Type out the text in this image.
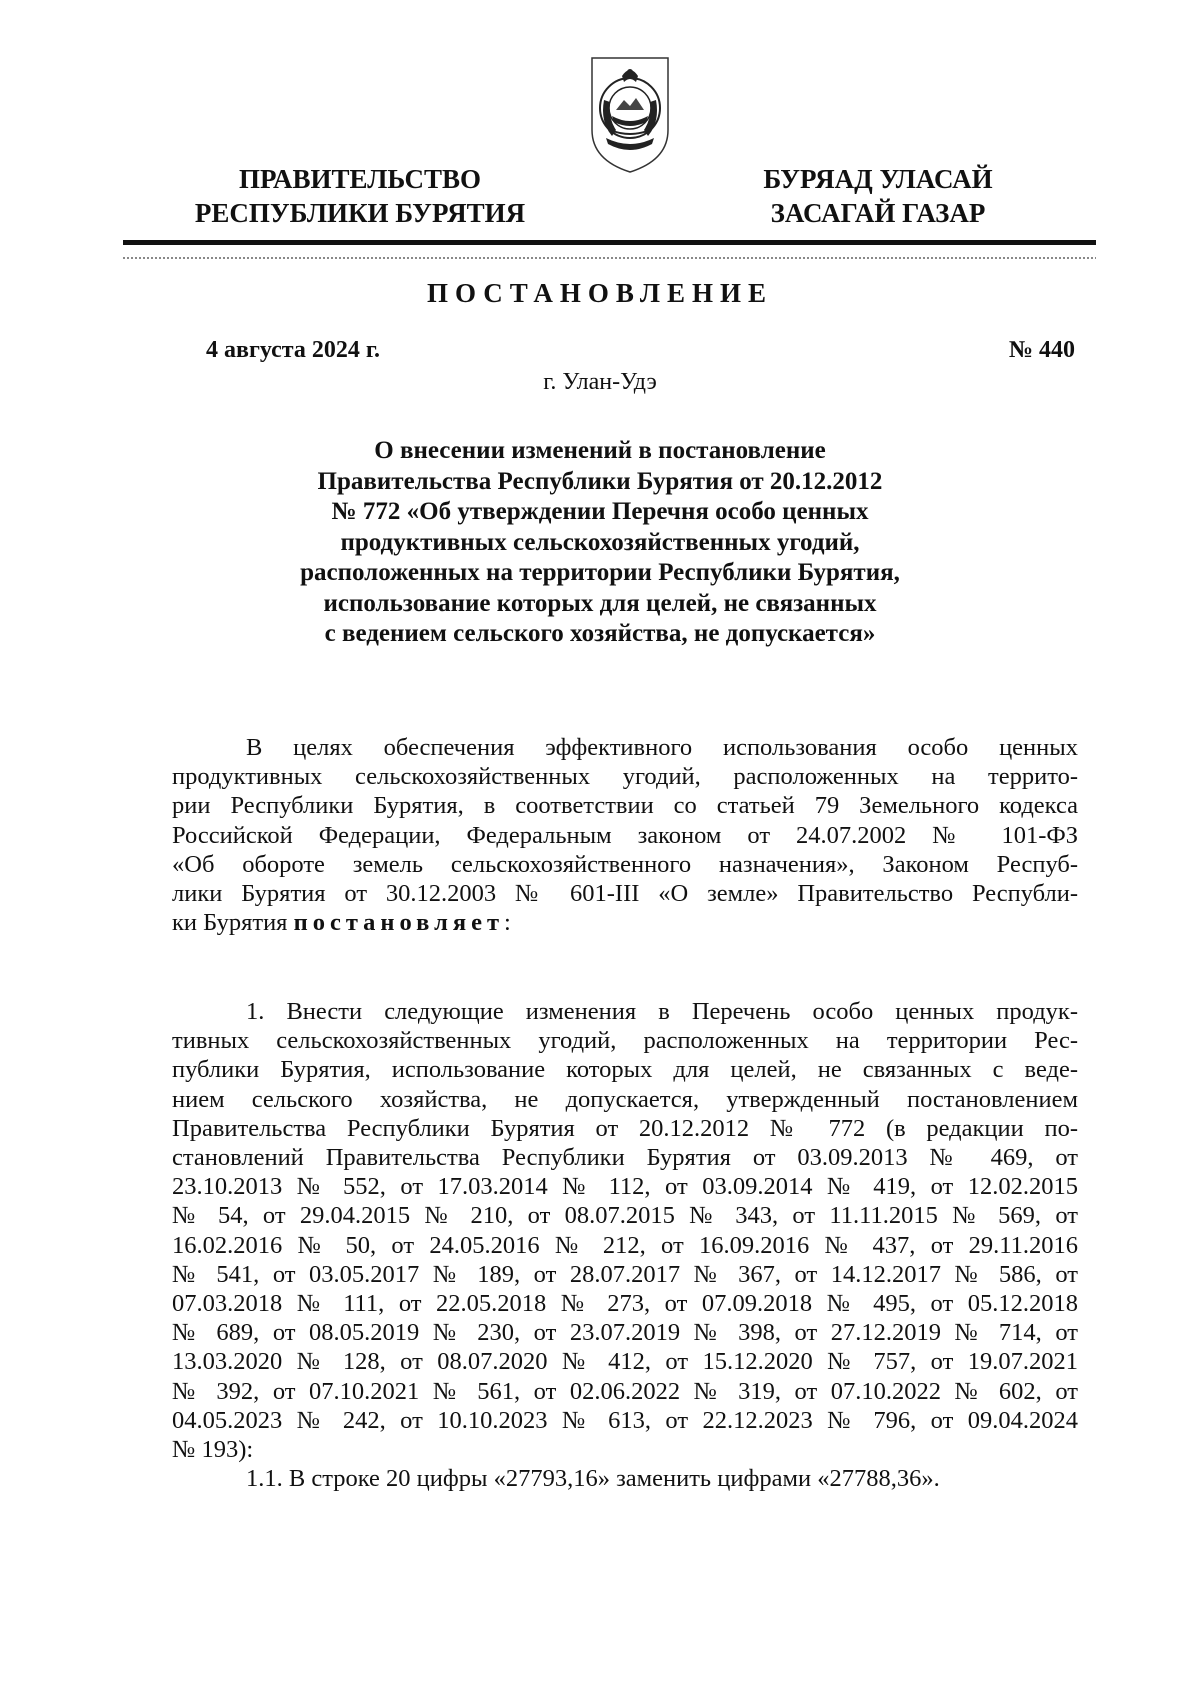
ПРАВИТЕЛЬСТВО
РЕСПУБЛИКИ БУРЯТИЯ
БУРЯАД УЛАСАЙ
ЗАСАГАЙ ГАЗАР
ПОСТАНОВЛЕНИЕ
4 августа 2024 г.	№ 440
г. Улан-Удэ
О внесении изменений в постановление
Правительства Республики Бурятия от 20.12.2012
№ 772 «Об утверждении Перечня особо ценных
продуктивных сельскохозяйственных угодий,
расположенных на территории Республики Бурятия,
использование которых для целей, не связанных
с ведением сельского хозяйства, не допускается»
В целях обеспечения эффективного использования особо ценных
продуктивных сельскохозяйственных угодий, расположенных на террито-
рии Республики Бурятия, в соответствии со статьей 79 Земельного кодекса
Российской Федерации, Федеральным законом от 24.07.2002 № 101-ФЗ
«Об обороте земель сельскохозяйственного назначения», Законом Респуб-
лики Бурятия от 30.12.2003 № 601-III «О земле» Правительство Республи-
ки Бурятия постановляет:
1. Внести следующие изменения в Перечень особо ценных продук-
тивных сельскохозяйственных угодий, расположенных на территории Рес-
публики Бурятия, использование которых для целей, не связанных с веде-
нием сельского хозяйства, не допускается, утвержденный постановлением
Правительства Республики Бурятия от 20.12.2012 № 772 (в редакции по-
становлений Правительства Республики Бурятия от 03.09.2013 № 469, от
23.10.2013 № 552, от 17.03.2014 № 112, от 03.09.2014 № 419, от 12.02.2015
№ 54, от 29.04.2015 № 210, от 08.07.2015 № 343, от 11.11.2015 № 569, от
16.02.2016 № 50, от 24.05.2016 № 212, от 16.09.2016 № 437, от 29.11.2016
№ 541, от 03.05.2017 № 189, от 28.07.2017 № 367, от 14.12.2017 № 586, от
07.03.2018 № 111, от 22.05.2018 № 273, от 07.09.2018 № 495, от 05.12.2018
№ 689, от 08.05.2019 № 230, от 23.07.2019 № 398, от 27.12.2019 № 714, от
13.03.2020 № 128, от 08.07.2020 № 412, от 15.12.2020 № 757, от 19.07.2021
№ 392, от 07.10.2021 № 561, от 02.06.2022 № 319, от 07.10.2022 № 602, от
04.05.2023 № 242, от 10.10.2023 № 613, от 22.12.2023 № 796, от 09.04.2024
№ 193):
1.1. В строке 20 цифры «27793,16» заменить цифрами «27788,36».
